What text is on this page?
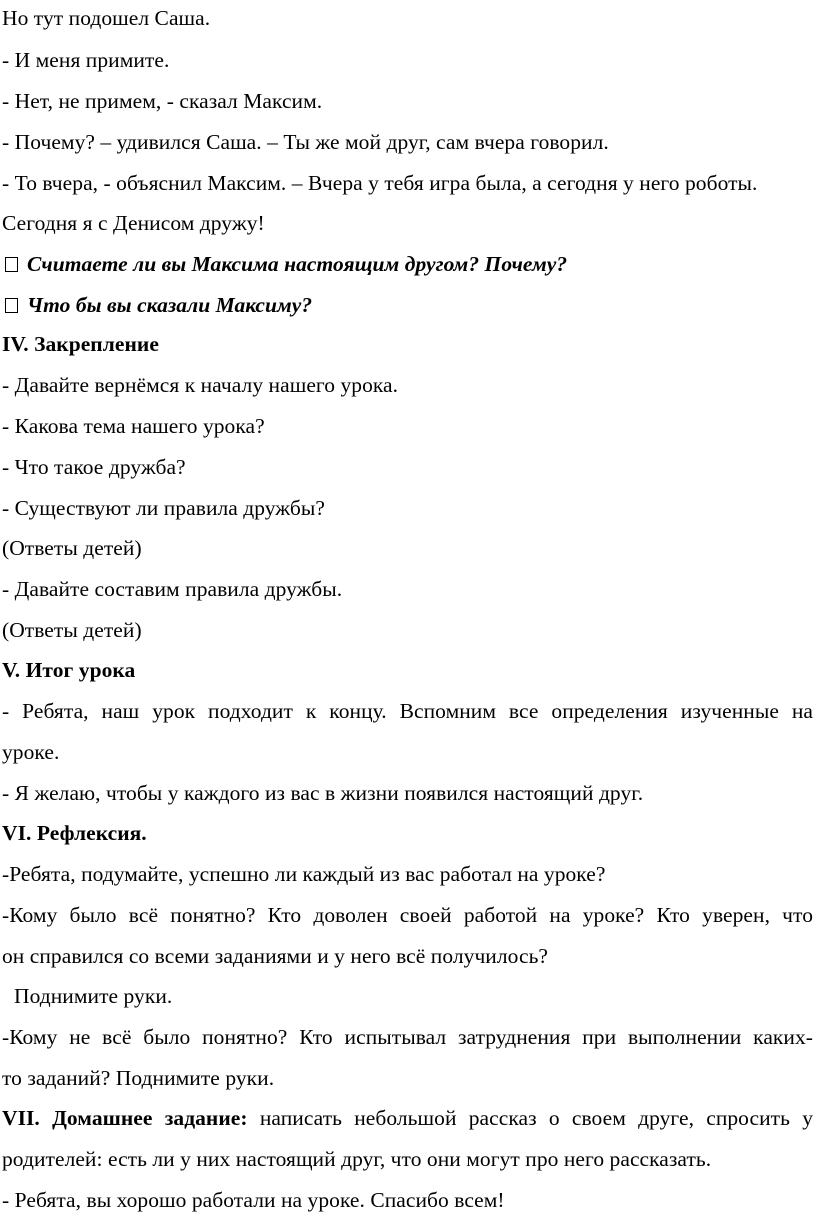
Но тут подошел Саша.
- И меня примите.
- Нет, не примем, - сказал Максим.
- Почему? – удивился Саша. – Ты же мой друг, сам вчера говорил.
- То вчера, - объяснил Максим. – Вчера у тебя игра была, а сегодня у него роботы.
Сегодня я с Денисом дружу!
Считаете ли вы Максима настоящим другом? Почему?
Что бы вы сказали Максиму?
IV. Закрепление
- Давайте вернёмся к началу нашего урока.
- Какова тема нашего урока?
- Что такое дружба?
- Существуют ли правила дружбы?
(Ответы детей)
- Давайте составим правила дружбы.
(Ответы детей)
V. Итог урока
- Ребята, наш урок подходит к концу. Вспомним все определения изученные на
уроке.
- Я желаю, чтобы у каждого из вас в жизни появился настоящий друг.
VI. Рефлексия.
-Ребята, подумайте, успешно ли каждый из вас работал на уроке?
-Кому было всё понятно? Кто доволен своей работой на уроке? Кто уверен, что
он справился со всеми заданиями и у него всё получилось?
Поднимите руки.
-Кому не всё было понятно? Кто испытывал затруднения при выполнении каких-
то заданий? Поднимите руки.
VII. Домашнее задание: написать небольшой рассказ о своем друге, спросить у
родителей: есть ли у них настоящий друг, что они могут про него рассказать.
- Ребята, вы хорошо работали на уроке. Спасибо всем!
